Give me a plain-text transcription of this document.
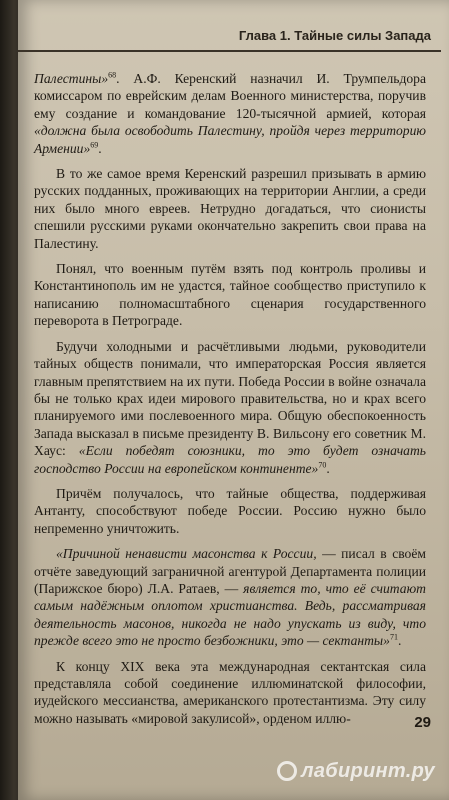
Глава 1. Тайные силы Запада

Палестины»$^{68}$. А.Ф. Керенский назначил И. Трумпельдора комиссаром по еврейским делам Военного министерства, поручив ему создание и командование 120-тысячной армией, которая «должна была освободить Палестину, пройдя через территорию Армении»$^{69}$.

В то же самое время Керенский разрешил призывать в армию русских подданных, проживающих на территории Англии, а среди них было много евреев. Нетрудно догадаться, что сионисты спешили русскими руками окончательно закрепить свои права на Палестину.

Понял, что военным путём взять под контроль проливы и Константинополь им не удастся, тайное сообщество приступило к написанию полномасштабного сценария государственного переворота в Петрограде.

Будучи холодными и расчётливыми людьми, руководители тайных обществ понимали, что императорская Россия является главным препятствием на их пути. Победа России в войне означала бы не только крах идеи мирового правительства, но и крах всего планируемого ими послевоенного мира. Общую обеспокоенность Запада высказал в письме президенту В. Вильсону его советник М. Хаус: «Если победят союзники, то это будет означать господство России на европейском континенте»$^{70}$.

Причём получалось, что тайные общества, поддерживая Антанту, способствуют победе России. Россию нужно было непременно уничтожить.

«Причиной ненависти масонства к России, — писал в своём отчёте заведующий заграничной агентурой Департамента полиции (Парижское бюро) Л.А. Ратаев, — является то, что её считают самым надёжным оплотом христианства. Ведь, рассматривая деятельность масонов, никогда не надо упускать из виду, что прежде всего это не просто безбожники, это — сектанты»$^{71}$.

К концу XIX века эта международная сектантская сила представляла собой соединение иллюминатской философии, иудейского мессианства, американского протестантизма. Эту силу можно называть «мировой закулисой», орденом иллю-	29
лабиринт.ру
